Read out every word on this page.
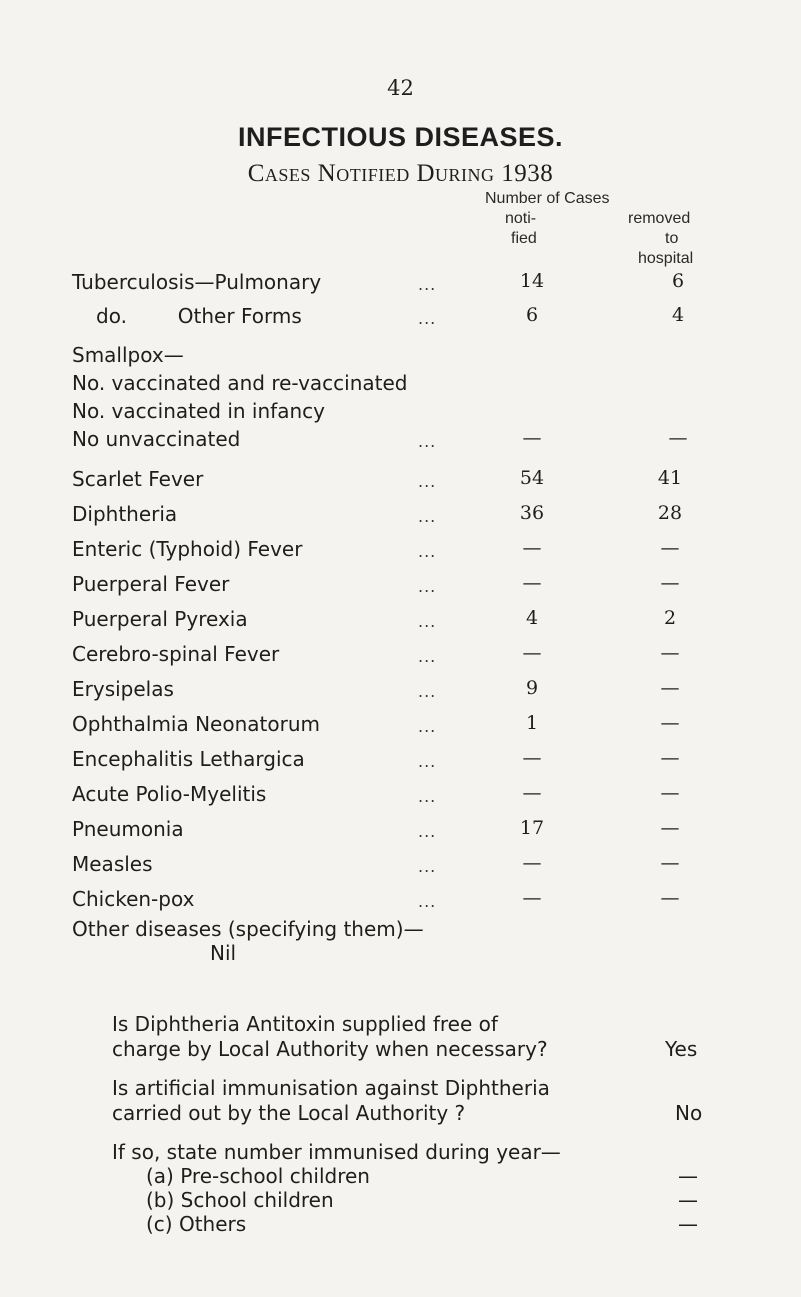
42
INFECTIOUS DISEASES.
Cases Notified During 1938
Number of Cases
noti-
fied
removed
to
hospital
Tuberculosis—Pulmonary	...	14	6
do.        Other Forms	...	6	4
Smallpox—
No. vaccinated and re-vaccinated
No. vaccinated in infancy
No unvaccinated	...	—	—
Scarlet Fever	...	54	41
Diphtheria	...	36	28
Enteric (Typhoid) Fever	...	—	—
Puerperal Fever	...	—	—
Puerperal Pyrexia	...	4	2
Cerebro-spinal Fever	...	—	—
Erysipelas	...	9	—
Ophthalmia Neonatorum	...	1	—
Encephalitis Lethargica	...	—	—
Acute Polio-Myelitis	...	—	—
Pneumonia	...	17	—
Measles	...	—	—
Chicken-pox	...	—	—
Other diseases (specifying them)—
Nil
Is Diphtheria Antitoxin supplied free of
charge by Local Authority when necessary?	Yes
Is artificial immunisation against Diphtheria
carried out by the Local Authority ?	No
If so, state number immunised during year—
(a) Pre-school children	—
(b) School children	—
(c) Others	—
